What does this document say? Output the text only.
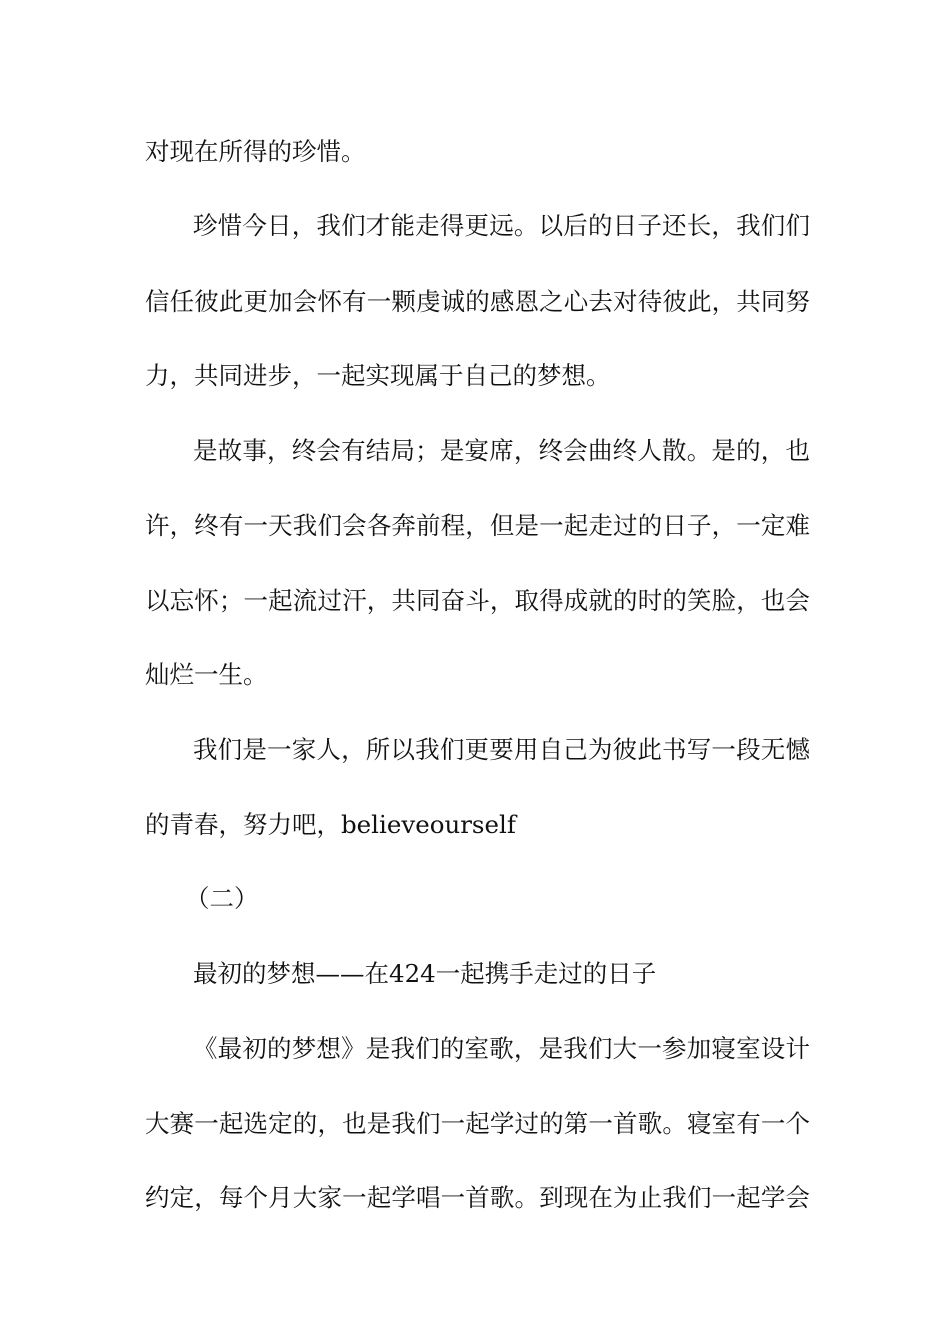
对现在所得的珍惜。
珍惜今日，我们才能走得更远。以后的日子还长，我们们
信任彼此更加会怀有一颗虔诚的感恩之心去对待彼此，共同努
力，共同进步，一起实现属于自己的梦想。
是故事，终会有结局；是宴席，终会曲终人散。是的，也
许，终有一天我们会各奔前程，但是一起走过的日子，一定难
以忘怀；一起流过汗，共同奋斗，取得成就的时的笑脸，也会
灿烂一生。
我们是一家人，所以我们更要用自己为彼此书写一段无憾
的青春，努力吧，believeourself
（二）
最初的梦想——在424一起携手走过的日子
《最初的梦想》是我们的室歌，是我们大一参加寝室设计
大赛一起选定的，也是我们一起学过的第一首歌。寝室有一个
约定，每个月大家一起学唱一首歌。到现在为止我们一起学会
